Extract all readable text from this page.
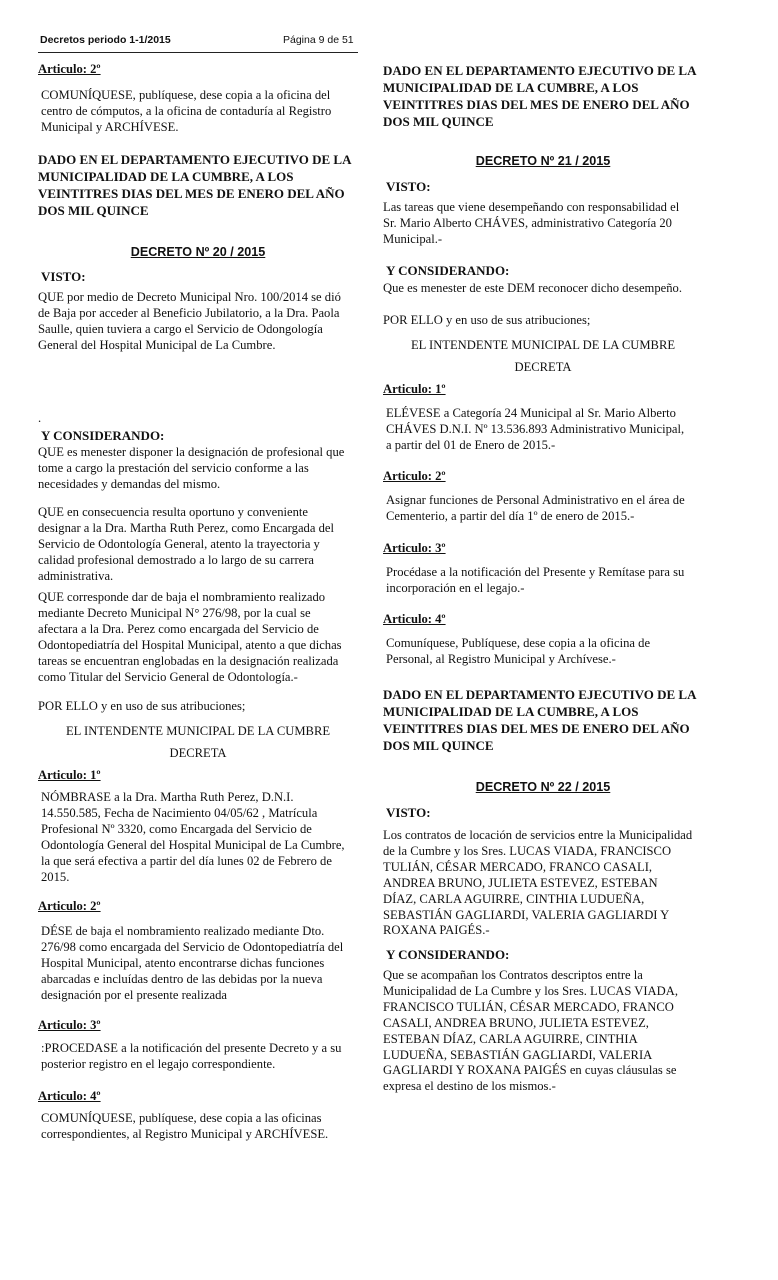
Decretos periodo 1-1/2015	Página 9 de 51
Articulo: 2º
COMUNÍQUESE, publíquese, dese copia a la oficina del
centro de cómputos, a la oficina de contaduría al Registro
Municipal y ARCHÍVESE.
DADO EN EL DEPARTAMENTO EJECUTIVO DE LA
MUNICIPALIDAD DE LA CUMBRE, A LOS
VEINTITRES DIAS DEL MES DE ENERO DEL AÑO
DOS MIL QUINCE
DECRETO Nº 20 / 2015
VISTO:
QUE por medio de Decreto Municipal Nro. 100/2014 se dió
de Baja por acceder al Beneficio Jubilatorio, a la Dra. Paola
Saulle, quien tuviera a cargo el Servicio de Odongología
General del Hospital Municipal de La Cumbre.
.
Y CONSIDERANDO:
QUE es menester disponer la designación de profesional que
tome a cargo la prestación del servicio conforme a las
necesidades y demandas del mismo.
QUE en consecuencia resulta oportuno y conveniente
designar a la Dra. Martha Ruth Perez, como Encargada del
Servicio de Odontología General, atento la trayectoria y
calidad profesional demostrado a lo largo de su carrera
administrativa.
QUE corresponde dar de baja el nombramiento realizado
mediante Decreto Municipal N° 276/98, por la cual se
afectara a la Dra. Perez como encargada del Servicio de
Odontopediatría del Hospital Municipal, atento a que dichas
tareas se encuentran englobadas en la designación realizada
como Titular del Servicio General de Odontología.-
POR ELLO y en uso de sus atribuciones;
EL INTENDENTE MUNICIPAL DE LA CUMBRE
DECRETA
Articulo: 1º
NÓMBRASE a la Dra. Martha Ruth Perez, D.N.I.
14.550.585, Fecha de Nacimiento 04/05/62 , Matrícula
Profesional Nº 3320, como Encargada del Servicio de
Odontología General del Hospital Municipal de La Cumbre,
la que será efectiva a partir del día lunes 02 de Febrero de
2015.
Articulo: 2º
DÉSE de baja el nombramiento realizado mediante Dto.
276/98 como encargada del Servicio de Odontopediatría del
Hospital Municipal, atento encontrarse dichas funciones
abarcadas e incluídas dentro de las debidas por la nueva
designación por el presente realizada
Articulo: 3º
:PROCEDASE a la notificación del presente Decreto y a su
posterior registro en el legajo correspondiente.
Articulo: 4º
COMUNÍQUESE, publíquese, dese copia a las oficinas
correspondientes, al Registro Municipal y ARCHÍVESE.
DADO EN EL DEPARTAMENTO EJECUTIVO DE LA
MUNICIPALIDAD DE LA CUMBRE, A LOS
VEINTITRES DIAS DEL MES DE ENERO DEL AÑO
DOS MIL QUINCE
DECRETO Nº 21 / 2015
VISTO:
Las tareas que viene desempeñando con responsabilidad el
Sr. Mario Alberto CHÁVES, administrativo Categoría 20
Municipal.-
Y CONSIDERANDO:
Que es menester de este DEM reconocer dicho desempeño.
POR ELLO y en uso de sus atribuciones;
EL INTENDENTE MUNICIPAL DE LA CUMBRE
DECRETA
Articulo: 1º
ELÉVESE a Categoría 24 Municipal al Sr. Mario Alberto
CHÁVES D.N.I. Nº 13.536.893 Administrativo Municipal,
a partir del 01 de Enero de 2015.-
Articulo: 2º
Asignar funciones de Personal Administrativo en el área de
Cementerio, a partir del día 1º de enero de 2015.-
Articulo: 3º
Procédase a la notificación del Presente y Remítase para su
incorporación en el legajo.-
Articulo: 4º
Comuníquese, Publíquese, dese copia a la oficina de
Personal, al Registro Municipal y Archívese.-
DADO EN EL DEPARTAMENTO EJECUTIVO DE LA
MUNICIPALIDAD DE LA CUMBRE, A LOS
VEINTITRES DIAS DEL MES DE ENERO DEL AÑO
DOS MIL QUINCE
DECRETO Nº 22 / 2015
VISTO:
Los contratos de locación de servicios entre la Municipalidad
de la Cumbre y los Sres. LUCAS VIADA, FRANCISCO
TULIÁN, CÉSAR MERCADO, FRANCO CASALI,
ANDREA BRUNO, JULIETA ESTEVEZ, ESTEBAN
DÍAZ, CARLA AGUIRRE, CINTHIA LUDUEÑA,
SEBASTIÁN GAGLIARDI, VALERIA GAGLIARDI Y
ROXANA PAIGÉS.-
Y CONSIDERANDO:
Que se acompañan los Contratos descriptos entre la
Municipalidad de La Cumbre y los Sres. LUCAS VIADA,
FRANCISCO TULIÁN, CÉSAR MERCADO, FRANCO
CASALI, ANDREA BRUNO, JULIETA ESTEVEZ,
ESTEBAN DÍAZ, CARLA AGUIRRE, CINTHIA
LUDUEÑA, SEBASTIÁN GAGLIARDI, VALERIA
GAGLIARDI Y ROXANA PAIGÉS en cuyas cláusulas se
expresa el destino de los mismos.-
